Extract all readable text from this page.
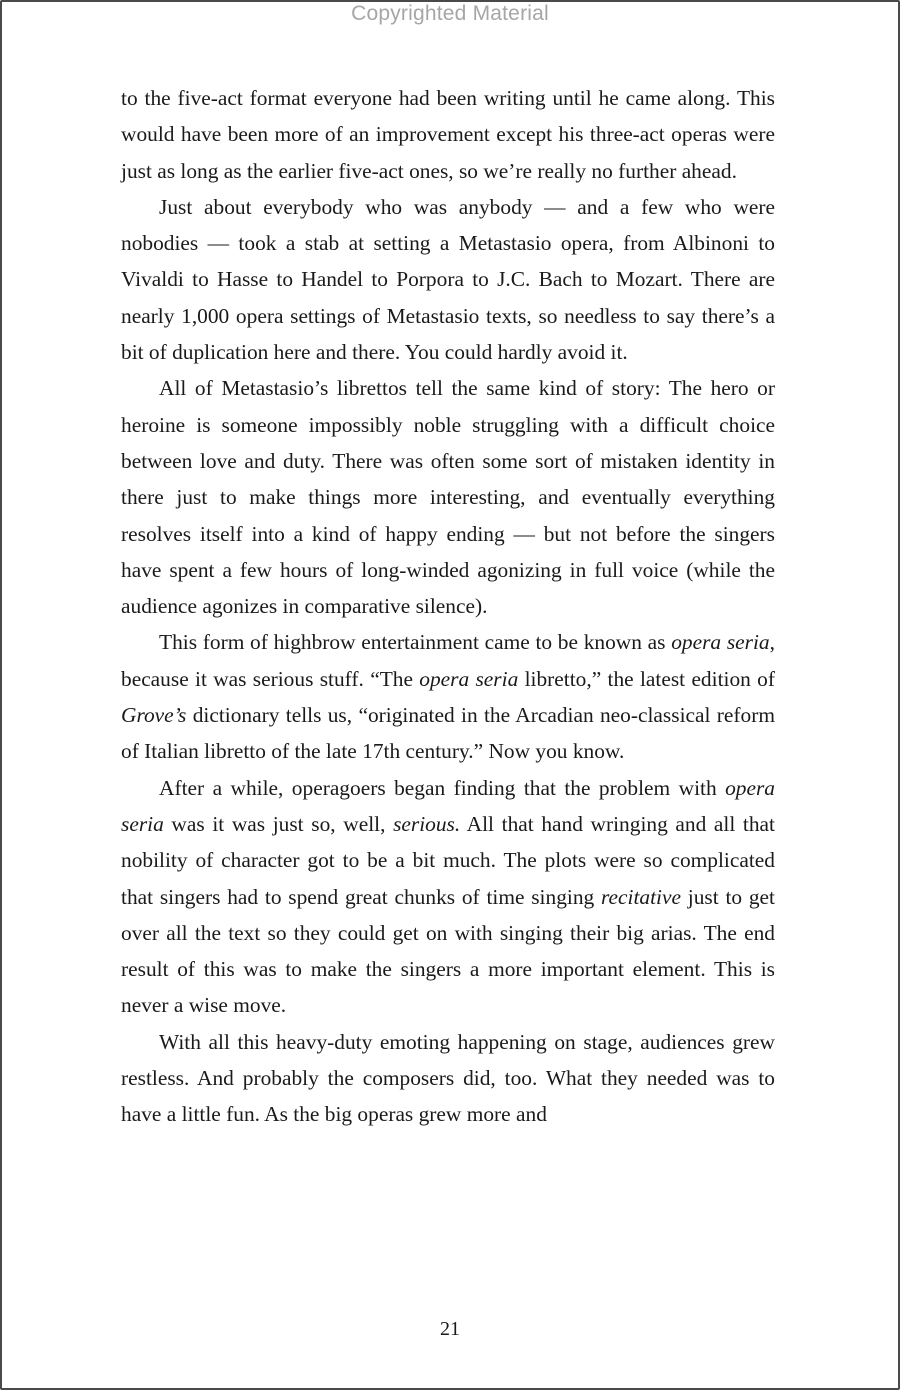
Copyrighted Material

to the five-act format everyone had been writing until he came along. This would have been more of an improvement except his three-act operas were just as long as the earlier five-act ones, so we’re really no further ahead.

Just about everybody who was anybody — and a few who were nobodies — took a stab at setting a Metastasio opera, from Albinoni to Vivaldi to Hasse to Handel to Porpora to J.C. Bach to Mozart. There are nearly 1,000 opera settings of Metastasio texts, so needless to say there’s a bit of duplication here and there. You could hardly avoid it.

All of Metastasio’s librettos tell the same kind of story: The hero or heroine is someone impossibly noble struggling with a difficult choice between love and duty. There was often some sort of mistaken identity in there just to make things more interesting, and eventually everything resolves itself into a kind of happy ending — but not before the singers have spent a few hours of long-winded agonizing in full voice (while the audience agonizes in comparative silence).

This form of highbrow entertainment came to be known as opera seria, because it was serious stuff. “The opera seria libretto,” the latest edition of Grove’s dictionary tells us, “originated in the Arcadian neo-classical reform of Italian libretto of the late 17th century.” Now you know.

After a while, operagoers began finding that the problem with opera seria was it was just so, well, serious. All that hand wringing and all that nobility of character got to be a bit much. The plots were so complicated that singers had to spend great chunks of time singing recitative just to get over all the text so they could get on with singing their big arias. The end result of this was to make the singers a more important element. This is never a wise move.

With all this heavy-duty emoting happening on stage, audiences grew restless. And probably the composers did, too. What they needed was to have a little fun. As the big operas grew more and

21
